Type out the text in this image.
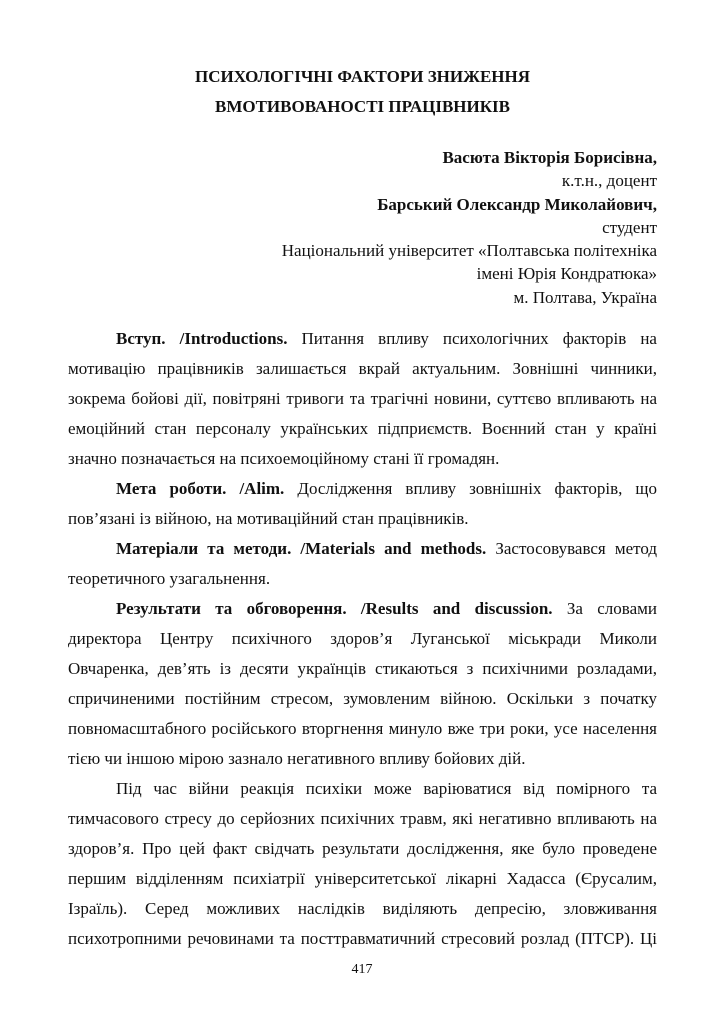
ПСИХОЛОГІЧНІ ФАКТОРИ ЗНИЖЕННЯ
ВМОТИВОВАНОСТІ ПРАЦІВНИКІВ
Васюта Вікторія Борисівна,
к.т.н., доцент
Барський Олександр Миколайович,
студент
Національний університет «Полтавська політехніка
імені Юрія Кондратюка»
м. Полтава, Україна
Вступ. /Introductions. Питання впливу психологічних факторів на
мотивацію працівників залишається вкрай актуальним. Зовнішні чинники,
зокрема бойові дії, повітряні тривоги та трагічні новини, суттєво впливають на
емоційний стан персоналу українських підприємств. Воєнний стан у країні
значно позначається на психоемоційному стані її громадян.
Мета роботи. /Alim. Дослідження впливу зовнішніх факторів, що
пов’язані із війною, на мотиваційний стан працівників.
Матеріали та методи. /Materials and methods. Застосовувався метод
теоретичного узагальнення.
Результати та обговорення. /Results and discussion. За словами
директора Центру психічного здоров’я Луганської міськради Миколи
Овчаренка, дев’ять із десяти українців стикаються з психічними розладами,
спричиненими постійним стресом, зумовленим війною. Оскільки з початку
повномасштабного російського вторгнення минуло вже три роки, усе населення
тією чи іншою мірою зазнало негативного впливу бойових дій.
Під час війни реакція психіки може варіюватися від помірного та
тимчасового стресу до серйозних психічних травм, які негативно впливають на
здоров’я. Про цей факт свідчать результати дослідження, яке було проведене
першим відділенням психіатрії університетської лікарні Хадасса (Єрусалим,
Ізраїль). Серед можливих наслідків виділяють депресію, зловживання
психотропними речовинами та посттравматичний стресовий розлад (ПТСР). Ці
417
